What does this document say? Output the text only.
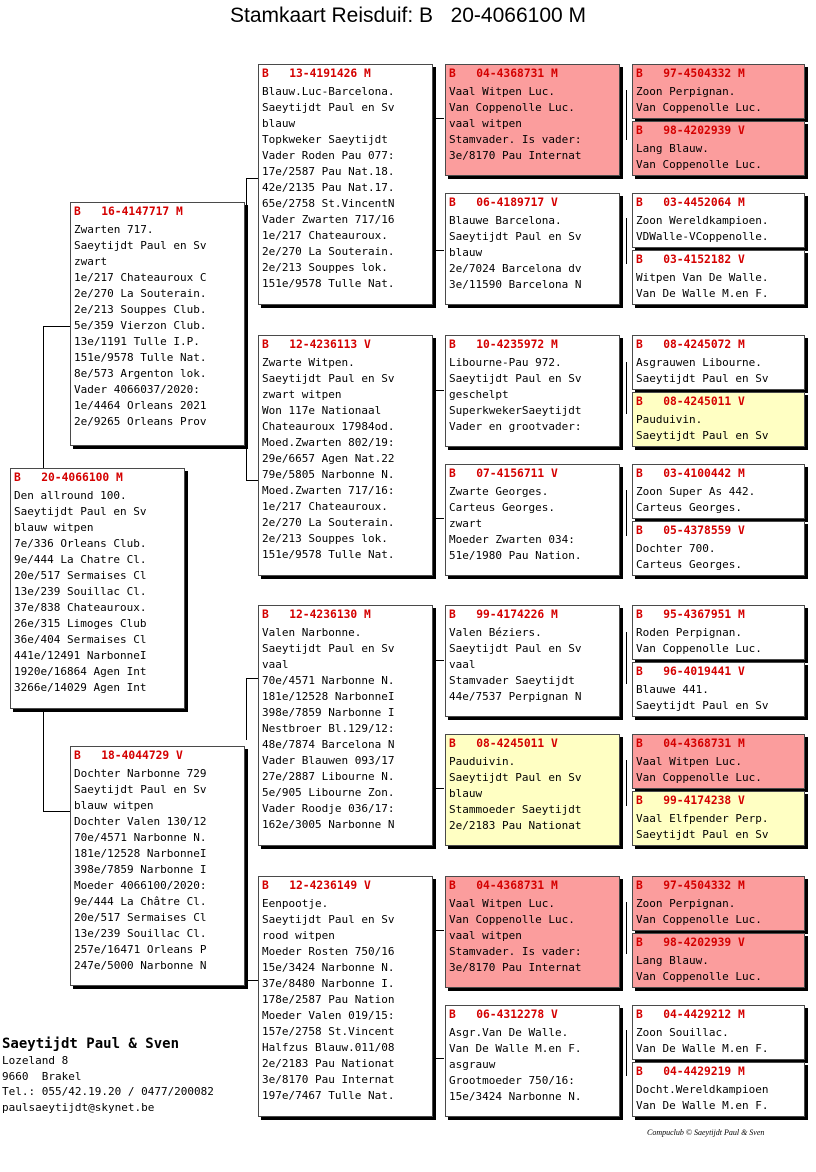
Stamkaart Reisduif: B   20-4066100 M
B   20-4066100 M
Den allround 100.
Saeytijdt Paul en Sv
blauw witpen
7e/336 Orleans Club.
9e/444 La Chatre Cl.
20e/517 Sermaises Cl
13e/239 Souillac Cl.
37e/838 Chateauroux.
26e/315 Limoges Club
36e/404 Sermaises Cl
441e/12491 NarbonneI
1920e/16864 Agen Int
3266e/14029 Agen Int
B   16-4147717 M
Zwarten 717.
Saeytijdt Paul en Sv
zwart
1e/217 Chateauroux C
2e/270 La Souterain.
2e/213 Souppes Club.
5e/359 Vierzon Club.
13e/1191 Tulle I.P.
151e/9578 Tulle Nat.
8e/573 Argenton lok.
Vader 4066037/2020:
1e/4464 Orleans 2021
2e/9265 Orleans Prov
B   18-4044729 V
Dochter Narbonne 729
Saeytijdt Paul en Sv
blauw witpen
Dochter Valen 130/12
70e/4571 Narbonne N.
181e/12528 NarbonneI
398e/7859 Narbonne I
Moeder 4066100/2020:
9e/444 La Châtre Cl.
20e/517 Sermaises Cl
13e/239 Souillac Cl.
257e/16471 Orleans P
247e/5000 Narbonne N
B   13-4191426 M
Blauw.Luc-Barcelona.
Saeytijdt Paul en Sv
blauw
Topkweker Saeytijdt
Vader Roden Pau 077:
17e/2587 Pau Nat.18.
42e/2135 Pau Nat.17.
65e/2758 St.VincentN
Vader Zwarten 717/16
1e/217 Chateauroux.
2e/270 La Souterain.
2e/213 Souppes lok.
151e/9578 Tulle Nat.
B   12-4236113 V
Zwarte Witpen.
Saeytijdt Paul en Sv
zwart witpen
Won 117e Nationaal
Chateauroux 17984od.
Moed.Zwarten 802/19:
29e/6657 Agen Nat.22
79e/5805 Narbonne N.
Moed.Zwarten 717/16:
1e/217 Chateauroux.
2e/270 La Souterain.
2e/213 Souppes lok.
151e/9578 Tulle Nat.
B   12-4236130 M
Valen Narbonne.
Saeytijdt Paul en Sv
vaal
70e/4571 Narbonne N.
181e/12528 NarbonneI
398e/7859 Narbonne I
Nestbroer Bl.129/12:
48e/7874 Barcelona N
Vader Blauwen 093/17
27e/2887 Libourne N.
5e/905 Libourne Zon.
Vader Roodje 036/17:
162e/3005 Narbonne N
B   12-4236149 V
Eenpootje.
Saeytijdt Paul en Sv
rood witpen
Moeder Rosten 750/16
15e/3424 Narbonne N.
37e/8480 Narbonne I.
178e/2587 Pau Nation
Moeder Valen 019/15:
157e/2758 St.Vincent
Halfzus Blauw.011/08
2e/2183 Pau Nationat
3e/8170 Pau Internat
197e/7467 Tulle Nat.
B   04-4368731 M
Vaal Witpen Luc.
Van Coppenolle Luc.
vaal witpen
Stamvader. Is vader:
3e/8170 Pau Internat
B   06-4189717 V
Blauwe Barcelona.
Saeytijdt Paul en Sv
blauw
2e/7024 Barcelona dv
3e/11590 Barcelona N
B   10-4235972 M
Libourne-Pau 972.
Saeytijdt Paul en Sv
geschelpt
SuperkwekerSaeytijdt
Vader en grootvader:
B   07-4156711 V
Zwarte Georges.
Carteus Georges.
zwart
Moeder Zwarten 034:
51e/1980 Pau Nation.
B   99-4174226 M
Valen Béziers.
Saeytijdt Paul en Sv
vaal
Stamvader Saeytijdt
44e/7537 Perpignan N
B   08-4245011 V
Pauduivin.
Saeytijdt Paul en Sv
blauw
Stammoeder Saeytijdt
2e/2183 Pau Nationat
B   04-4368731 M
Vaal Witpen Luc.
Van Coppenolle Luc.
vaal witpen
Stamvader. Is vader:
3e/8170 Pau Internat
B   06-4312278 V
Asgr.Van De Walle.
Van De Walle M.en F.
asgrauw
Grootmoeder 750/16:
15e/3424 Narbonne N.
B   97-4504332 M
Zoon Perpignan.
Van Coppenolle Luc.
B   98-4202939 V
Lang Blauw.
Van Coppenolle Luc.
B   03-4452064 M
Zoon Wereldkampioen.
VDWalle-VCoppenolle.
B   03-4152182 V
Witpen Van De Walle.
Van De Walle M.en F.
B   08-4245072 M
Asgrauwen Libourne.
Saeytijdt Paul en Sv
B   08-4245011 V
Pauduivin.
Saeytijdt Paul en Sv
B   03-4100442 M
Zoon Super As 442.
Carteus Georges.
B   05-4378559 V
Dochter 700.
Carteus Georges.
B   95-4367951 M
Roden Perpignan.
Van Coppenolle Luc.
B   96-4019441 V
Blauwe 441.
Saeytijdt Paul en Sv
B   04-4368731 M
Vaal Witpen Luc.
Van Coppenolle Luc.
B   99-4174238 V
Vaal Elfpender Perp.
Saeytijdt Paul en Sv
B   97-4504332 M
Zoon Perpignan.
Van Coppenolle Luc.
B   98-4202939 V
Lang Blauw.
Van Coppenolle Luc.
B   04-4429212 M
Zoon Souillac.
Van De Walle M.en F.
B   04-4429219 M
Docht.Wereldkampioen
Van De Walle M.en F.
Saeytijdt Paul & Sven
Lozeland 8
9660  Brakel
Tel.: 055/42.19.20 / 0477/200082
paulsaeytijdt@skynet.be
Compuclub © Saeytijdt Paul & Sven
